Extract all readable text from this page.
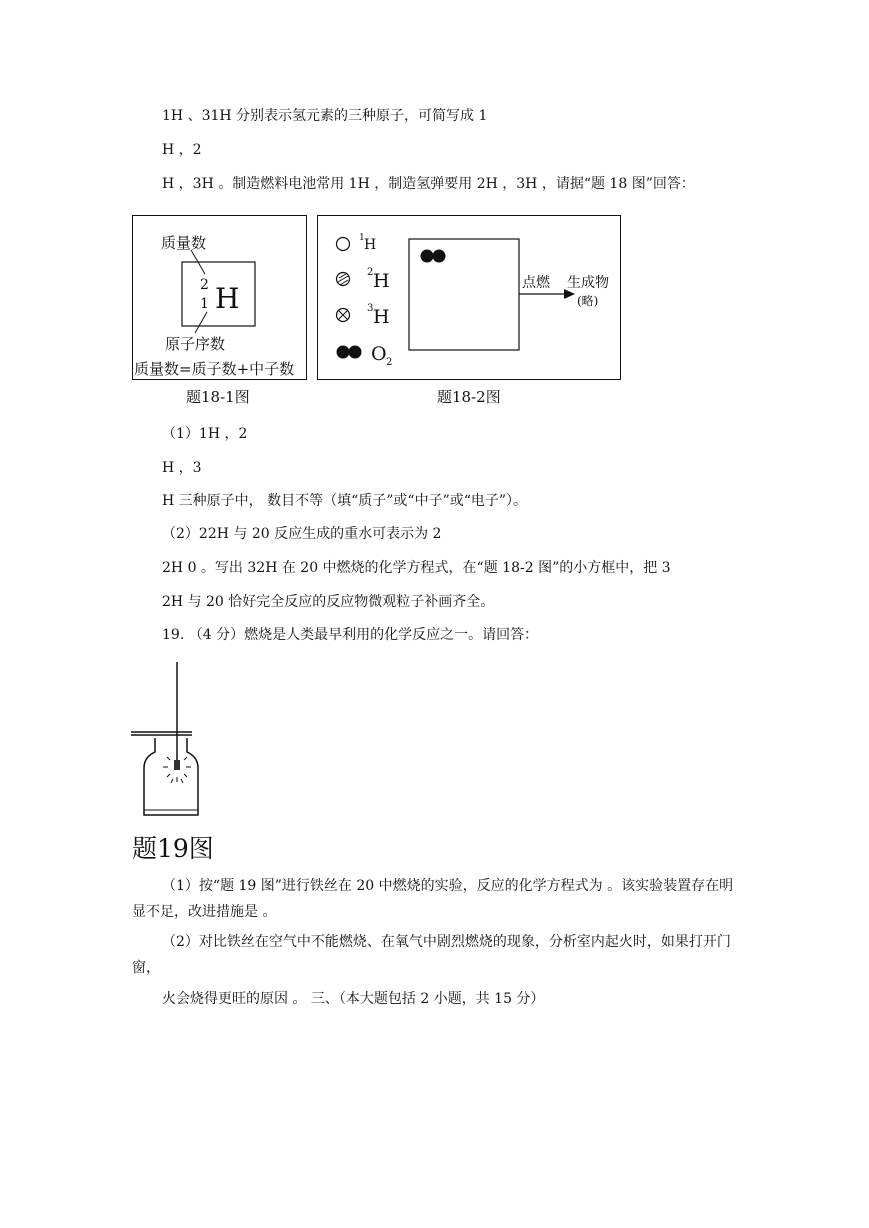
1H 、31H 分别表示氢元素的三种原子，可简写成 1
H ，2
H ，3H 。制造燃料电池常用 1H ，制造氢弹要用 2H ，3H ，请据“题 18 图”回答：
质量数
2
1 H
原子序数
质量数=质子数+中子数
题18-1图
1 H
2 H
3 H
O 2
点燃 生成物
(略)
题18-2图
（1）1H ，2
H ，3
H 三种原子中， 数目不等（填“质子”或“中子”或“电子”）。
（2）22H 与 20 反应生成的重水可表示为 2
2H 0 。写出 32H 在 20 中燃烧的化学方程式，在“题 18-2 图”的小方框中，把 3
2H 与 20 恰好完全反应的反应物微观粒子补画齐全。
19. （4 分）燃烧是人类最早利用的化学反应之一。请回答：
题19图
（1）按“题 19 图”进行铁丝在 20 中燃烧的实验，反应的化学方程式为 。该实验装置存在明显不足，改进措施是 。
（2）对比铁丝在空气中不能燃烧、在氧气中剧烈燃烧的现象，分析室内起火时，如果打开门窗，
火会烧得更旺的原因 。 三、（本大题包括 2 小题，共 15 分）
